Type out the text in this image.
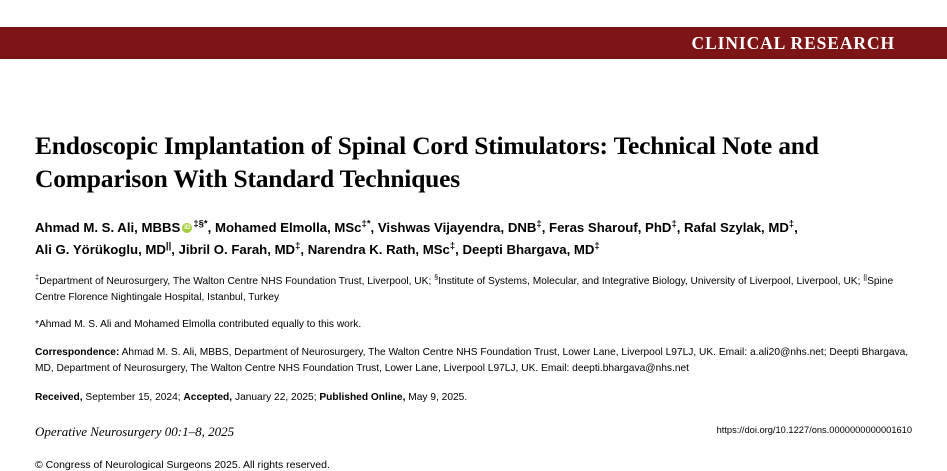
CLINICAL RESEARCH
Endoscopic Implantation of Spinal Cord Stimulators: Technical Note and Comparison With Standard Techniques
Ahmad M. S. Ali, MBBS iD ‡§*, Mohamed Elmolla, MSc‡*, Vishwas Vijayendra, DNB‡, Feras Sharouf, PhD‡, Rafal Szylak, MD‡,
Ali G. Yörükoglu, MD||, Jibril O. Farah, MD‡, Narendra K. Rath, MSc‡, Deepti Bhargava, MD‡
‡Department of Neurosurgery, The Walton Centre NHS Foundation Trust, Liverpool, UK; §Institute of Systems, Molecular, and Integrative Biology, University of Liverpool, Liverpool, UK; ||Spine Centre Florence Nightingale Hospital, Istanbul, Turkey
*Ahmad M. S. Ali and Mohamed Elmolla contributed equally to this work.
Correspondence: Ahmad M. S. Ali, MBBS, Department of Neurosurgery, The Walton Centre NHS Foundation Trust, Lower Lane, Liverpool L97LJ, UK. Email: a.ali20@nhs.net; Deepti Bhargava, MD, Department of Neurosurgery, The Walton Centre NHS Foundation Trust, Lower Lane, Liverpool L97LJ, UK. Email: deepti.bhargava@nhs.net
Received, September 15, 2024; Accepted, January 22, 2025; Published Online, May 9, 2025.
Operative Neurosurgery 00:1–8, 2025	https://doi.org/10.1227/ons.0000000000001610
© Congress of Neurological Surgeons 2025. All rights reserved.
